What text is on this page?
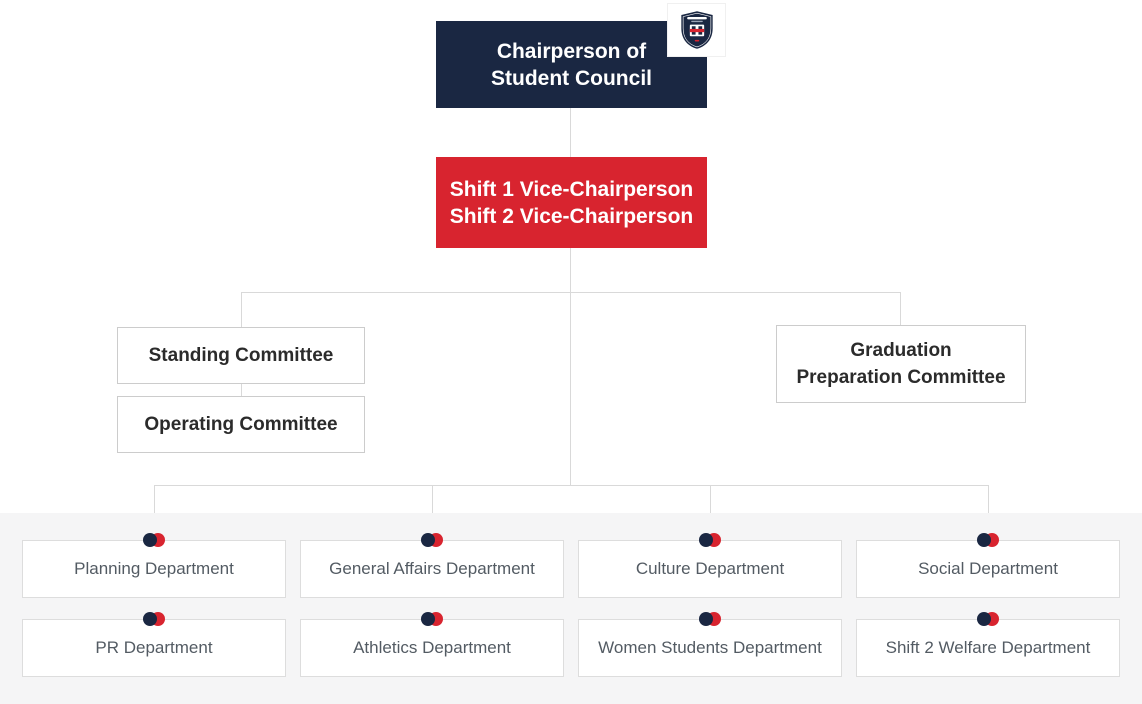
Chairperson of
Student Council
Shift 1 Vice-Chairperson
Shift 2 Vice-Chairperson
Standing Committee
Operating Committee
Graduation
Preparation Committee
Planning Department	General Affairs Department	Culture Department	Social Department
PR Department	Athletics Department	Women Students Department	Shift 2 Welfare Department
